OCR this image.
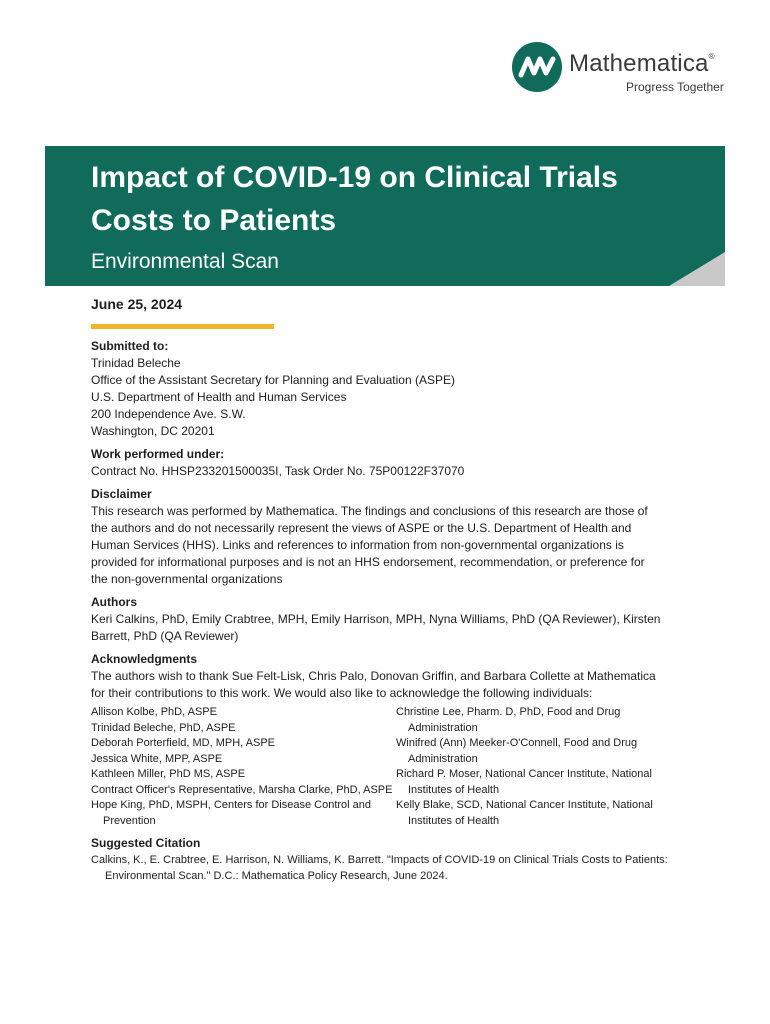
Mathematica®
Progress Together
Impact of COVID-19 on Clinical Trials
Costs to Patients
Environmental Scan

June 25, 2024

Submitted to:

Trinidad Beleche

Office of the Assistant Secretary for Planning and Evaluation (ASPE)

U.S. Department of Health and Human Services

200 Independence Ave. S.W.

Washington, DC 20201

Work performed under:

Contract No. HHSP233201500035I, Task Order No. 75P00122F37070

Disclaimer

This research was performed by Mathematica. The findings and conclusions of this research are those of

the authors and do not necessarily represent the views of ASPE or the U.S. Department of Health and

Human Services (HHS). Links and references to information from non-governmental organizations is

provided for informational purposes and is not an HHS endorsement, recommendation, or preference for

the non-governmental organizations

Authors

Keri Calkins, PhD, Emily Crabtree, MPH, Emily Harrison, MPH, Nyna Williams, PhD (QA Reviewer), Kirsten

Barrett, PhD (QA Reviewer)

Acknowledgments

The authors wish to thank Sue Felt-Lisk, Chris Palo, Donovan Griffin, and Barbara Collette at Mathematica

for their contributions to this work. We would also like to acknowledge the following individuals:

Allison Kolbe, PhD, ASPE
Trinidad Beleche, PhD, ASPE
Deborah Porterfield, MD, MPH, ASPE
Jessica White, MPP, ASPE
Kathleen Miller, PhD MS, ASPE
Contract Officer's Representative, Marsha Clarke, PhD, ASPE
Hope King, PhD, MSPH, Centers for Disease Control and Prevention
Christine Lee, Pharm. D, PhD, Food and Drug Administration
Winifred (Ann) Meeker-O'Connell, Food and Drug Administration
Richard P. Moser, National Cancer Institute, National Institutes of Health
Kelly Blake, SCD, National Cancer Institute, National Institutes of Health

Suggested Citation

Calkins, K., E. Crabtree, E. Harrison, N. Williams, K. Barrett. "Impacts of COVID-19 on Clinical Trials Costs to Patients: Environmental Scan." D.C.: Mathematica Policy Research, June 2024.
